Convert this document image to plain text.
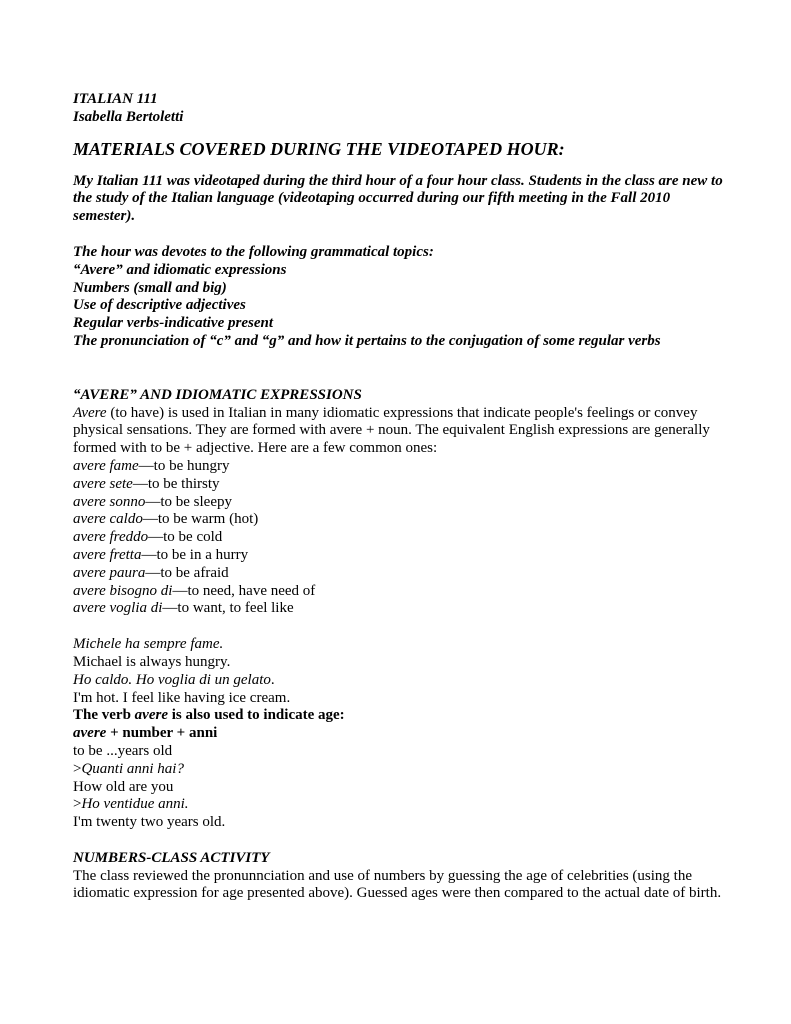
ITALIAN 111
Isabella Bertoletti
MATERIALS COVERED DURING THE VIDEOTAPED HOUR:

My Italian 111 was videotaped during the third hour of a four hour class. Students in the class are new to the study of the Italian language (videotaping occurred during our fifth meeting in the Fall 2010 semester).

The hour was devotes to the following grammatical topics:
“Avere” and idiomatic expressions
Numbers (small and big)
Use of descriptive adjectives
Regular verbs-indicative present
The pronunciation of “c” and “g” and how it pertains to the conjugation of some regular verbs
“AVERE” AND IDIOMATIC EXPRESSIONS

Avere (to have) is used in Italian in many idiomatic expressions that indicate people's feelings or convey physical sensations. They are formed with avere + noun. The equivalent English expressions are generally formed with to be + adjective. Here are a few common ones:

avere fame—to be hungry
avere sete—to be thirsty
avere sonno—to be sleepy
avere caldo—to be warm (hot)
avere freddo—to be cold
avere fretta—to be in a hurry
avere paura—to be afraid
avere bisogno di—to need, have need of
avere voglia di—to want, to feel like
Michele ha sempre fame.
Michael is always hungry.
Ho caldo. Ho voglia di un gelato.
I'm hot. I feel like having ice cream.
The verb avere is also used to indicate age:
avere + number + anni
to be ...years old
>Quanti anni hai?
How old are you
>Ho ventidue anni.
I'm twenty two years old.
NUMBERS-CLASS ACTIVITY

The class reviewed the pronunnciation and use of numbers by guessing the age of celebrities (using the idiomatic expression for age presented above). Guessed ages were then compared to the actual date of birth.
